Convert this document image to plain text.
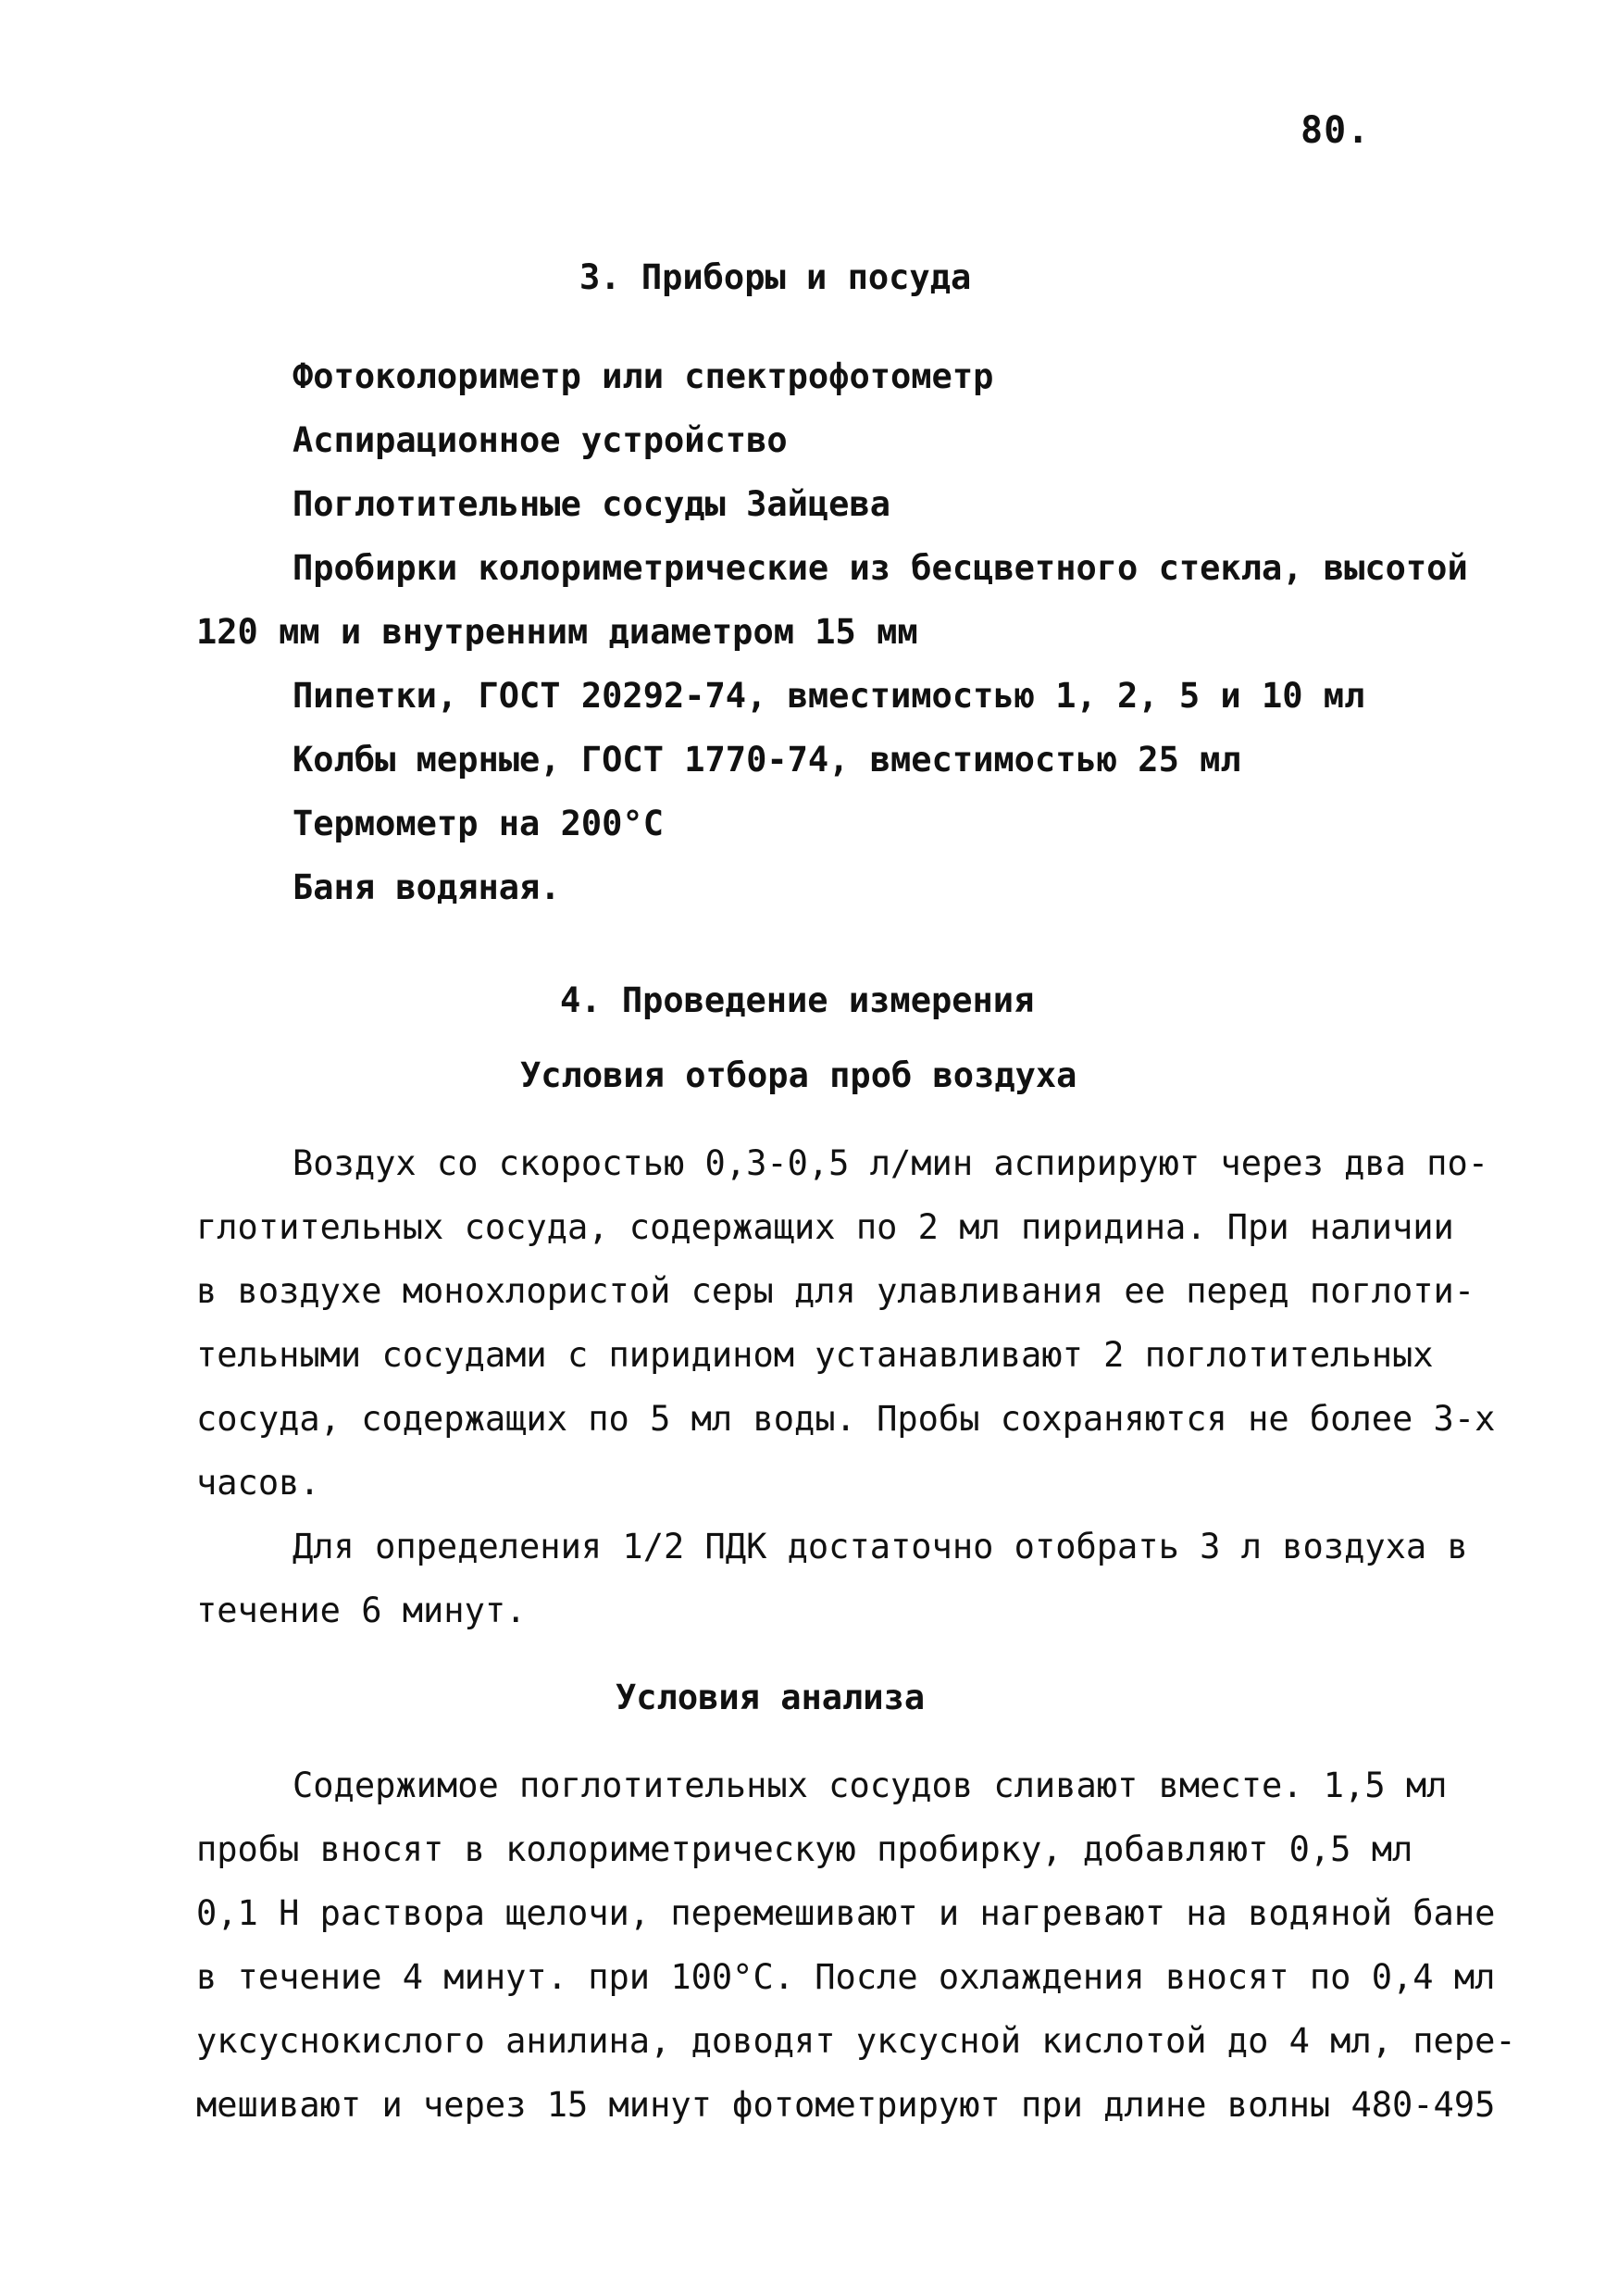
80.
3. Приборы и посуда
Фотоколориметр или спектрофотометр
Аспирационное устройство
Поглотительные сосуды Зайцева
Пробирки колориметрические из бесцветного стекла, высотой
120 мм и внутренним диаметром 15 мм
Пипетки, ГОСТ 20292-74, вместимостью 1, 2, 5 и 10 мл
Колбы мерные, ГОСТ 1770-74, вместимостью 25 мл
Термометр на 200°С
Баня водяная.
4. Проведение измерения
Условия отбора проб воздуха
Воздух со скоростью 0,3-0,5 л/мин аспирируют через два по-
глотительных сосуда, содержащих по 2 мл пиридина. При наличии
в воздухе монохлористой серы для улавливания ее перед поглоти-
тельными сосудами с пиридином устанавливают 2 поглотительных
сосуда, содержащих по 5 мл воды. Пробы сохраняются не более 3-х
часов.
Для определения 1/2 ПДК достаточно отобрать 3 л воздуха в
течение 6 минут.
Условия анализа
Содержимое поглотительных сосудов сливают вместе. 1,5 мл
пробы вносят в колориметрическую пробирку, добавляют 0,5 мл
0,1 Н раствора щелочи, перемешивают и нагревают на водяной бане
в течение 4 минут. при 100°С. После охлаждения вносят по 0,4 мл
уксуснокислого анилина, доводят уксусной кислотой до 4 мл, пере-
мешивают и через 15 минут фотометрируют при длине волны 480-495
